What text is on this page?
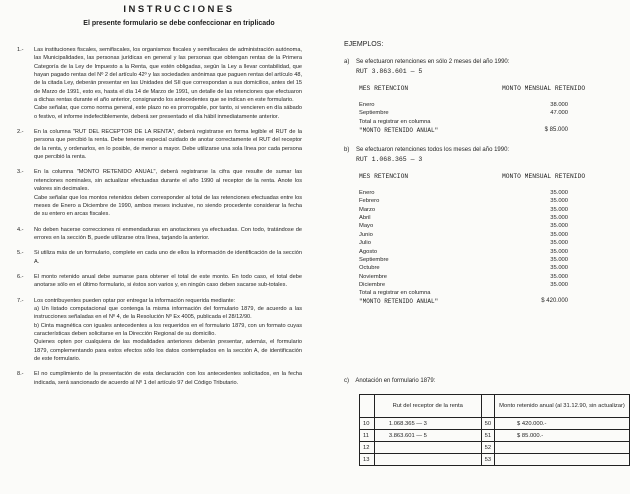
INSTRUCCIONES
El presente formulario se debe confeccionar en triplicado
1.-	Las instituciones fiscales, semifiscales, los organismos fiscales y semifiscales de administración autónoma, las Municipalidades, las personas jurídicas en general y las personas que obtengan rentas de la Primera Categoría de la Ley de Impuesto a la Renta, que estén obligadas, según la Ley a llevar contabilidad, que hayan pagado rentas del Nº 2 del artículo 42º y las sociedades anónimas que paguen rentas del artículo 48, de la citada Ley, deberán presentar en las Unidades del SII que correspondan a sus domicilios, antes del 15 de Marzo de 1991, esto es, hasta el día 14 de Marzo de 1991, un detalle de las retenciones que efectuaron a dichas rentas durante el año anterior, consignando los antecedentes que se indican en este formulario.

Cabe señalar, que como norma general, este plazo no es prorrogable, por tanto, si vencieren en día sábado o festivo, el informe indefectiblemente, deberá ser presentado el día hábil inmediatamente anterior.

2.-	En la columna "RUT DEL RECEPTOR DE LA RENTA", deberá registrarse en forma legible el RUT de la persona que percibió la renta. Debe tenerse especial cuidado de anotar correctamente el RUT del receptor de la renta, y ordenarlos, en lo posible, de menor a mayor. Debe utilizarse una sola línea por cada persona que percibió la renta.

3.-	En la columna "MONTO RETENIDO ANUAL", deberá registrarse la cifra que resulte de sumar las retenciones nominales, sin actualizar efectuadas durante el año 1990 al receptor de la renta. Anote los valores sin decimales.

Cabe señalar que los montos retenidos deben corresponder al total de las retenciones efectuadas entre los meses de Enero a Diciembre de 1990, ambos meses inclusive, no siendo procedente considerar la fecha de su entero en arcas fiscales.

4.-	No deben hacerse correcciones ni enmendaduras en anotaciones ya efectuadas. Con todo, tratándose de errores en la sección B, puede utilizarse otra línea, tarjando la anterior.

5.-	Si utiliza más de un formulario, complete en cada uno de ellos la información de identificación de la sección A.

6.-	El monto retenido anual debe sumarse para obtener el total de este monto. En todo caso, el total debe anotarse sólo en el último formulario, si éstos son varios y, en ningún caso deben sacarse sub-totales.

7.-	Los contribuyentes pueden optar por entregar la información requerida mediante:

a) Un listado computacional que contenga la misma información del formulario 1879, de acuerdo a las instrucciones señaladas en el Nº 4, de la Resolución Nº Ex 4005, publicada el 28/12/90.

b) Cinta magnética con iguales antecedentes a los requeridos en el formulario 1879, con un formato cuyas características deben solicitarse en la Dirección Regional de su domicilio.

Quienes opten por cualquiera de las modalidades anteriores deberán presentar, además, el formulario 1879, complementando para estos efectos sólo los datos contemplados en la sección A, de identificación de este formulario.

8.-	El no cumplimiento de la presentación de esta declaración con los antecedentes solicitados, en la fecha indicada, será sancionado de acuerdo al Nº 1 del artículo 97 del Código Tributario.

EJEMPLOS:
a) Se efectuaron retenciones en sólo 2 meses del año 1990:
RUT 3.863.601 — 5
MES RETENCION	MONTO MENSUAL RETENIDO
Enero	38.000
Septiembre	47.000
Total a registrar en columna
"MONTO RETENIDO ANUAL"	$ 85.000
b) Se efectuaron retenciones todos los meses del año 1990:
RUT 1.068.365 — 3
MES RETENCION	MONTO MENSUAL RETENIDO
Enero	35.000
Febrero	35.000
Marzo	35.000
Abril	35.000
Mayo	35.000
Junio	35.000
Julio	35.000
Agosto	35.000
Septiembre	35.000
Octubre	35.000
Noviembre	35.000
Diciembre	35.000
Total a registrar en columna
"MONTO RETENIDO ANUAL"	$ 420.000
c) Anotación en formulario 1879:
	Rut del receptor de la renta		Monto retenido anual (al 31.12.90, sin actualizar)
10	1.068.365 — 3	50	$ 420.000.-
11	3.863.601 — 5	51	$ 85.000.-
12		52	
13		53	
